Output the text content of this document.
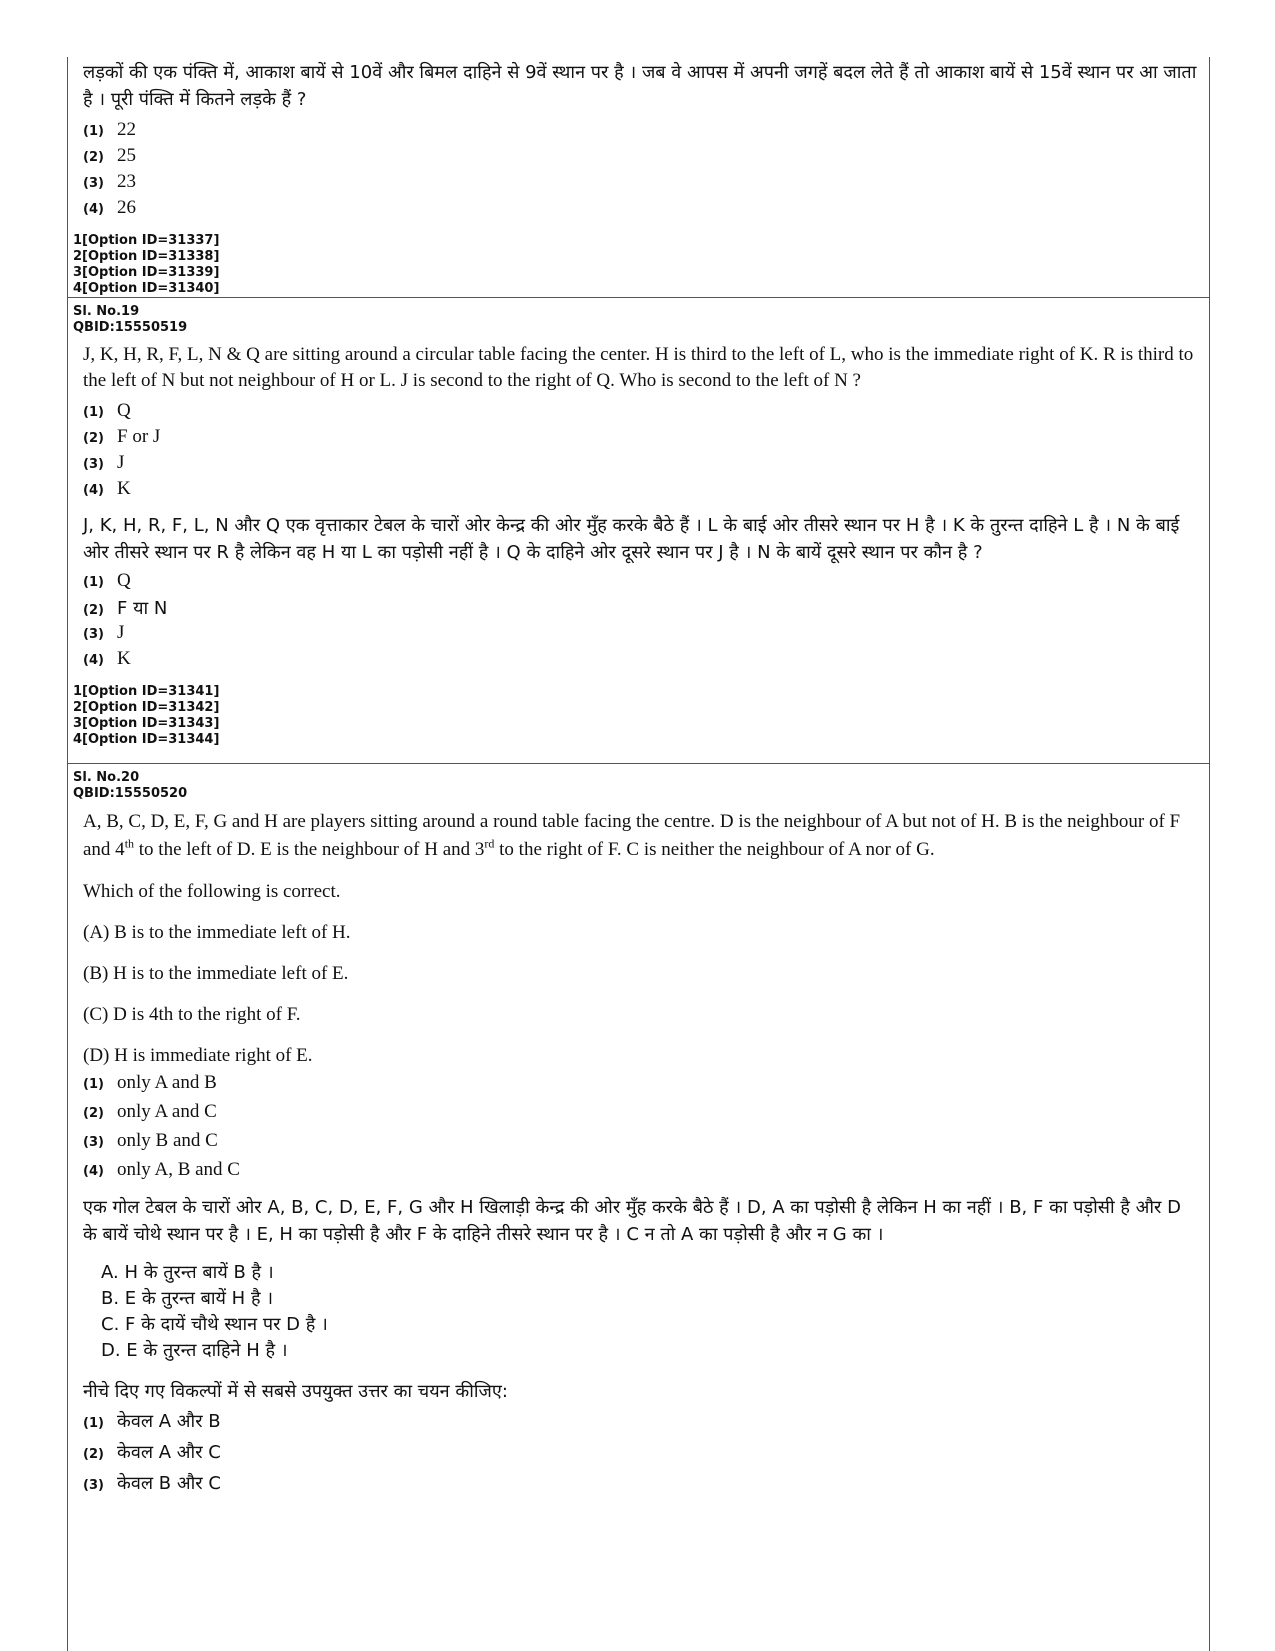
लड़कों की एक पंक्ति में, आकाश बायें से 10वें और बिमल दाहिने से 9वें स्थान पर है । जब वे आपस में अपनी जगहें बदल लेते हैं तो आकाश बायें से 15वें स्थान पर आ जाता है । पूरी पंक्ति में कितने लड़के हैं ?

(1) 22
(2) 25
(3) 23
(4) 26
1[Option ID=31337]
2[Option ID=31338]
3[Option ID=31339]
4[Option ID=31340]
Sl. No.19
QBID:15550519

J, K, H, R, F, L, N & Q are sitting around a circular table facing the center. H is third to the left of L, who is the immediate right of K. R is third to the left of N but not neighbour of H or L. J is second to the right of Q. Who is second to the left of N ?

(1) Q
(2) F or J
(3) J
(4) K

J, K, H, R, F, L, N और Q एक वृत्ताकार टेबल के चारों ओर केन्द्र की ओर मुँह करके बैठे हैं । L के बाई ओर तीसरे स्थान पर H है । K के तुरन्त दाहिने L है । N के बाई ओर तीसरे स्थान पर R है लेकिन वह H या L का पड़ोसी नहीं है । Q के दाहिने ओर दूसरे स्थान पर J है । N के बायें दूसरे स्थान पर कौन है ?

(1) Q
(2) F या N
(3) J
(4) K
1[Option ID=31341]
2[Option ID=31342]
3[Option ID=31343]
4[Option ID=31344]
Sl. No.20
QBID:15550520

A, B, C, D, E, F, G and H are players sitting around a round table facing the centre. D is the neighbour of A but not of H. B is the neighbour of F and 4th to the left of D. E is the neighbour of H and 3rd to the right of F. C is neither the neighbour of A nor of G.

Which of the following is correct.

(A) B is to the immediate left of H.

(B) H is to the immediate left of E.

(C) D is 4th to the right of F.

(D) H is immediate right of E.

(1) only A and B
(2) only A and C
(3) only B and C
(4) only A, B and C

एक गोल टेबल के चारों ओर A, B, C, D, E, F, G और H खिलाड़ी केन्द्र की ओर मुँह करके बैठे हैं । D, A का पड़ोसी है लेकिन H का नहीं । B, F का पड़ोसी है और D के बायें चोथे स्थान पर है । E, H का पड़ोसी है और F के दाहिने तीसरे स्थान पर है । C न तो A का पड़ोसी है और न G का ।

A. H के तुरन्त बायें B है ।
B. E के तुरन्त बायें H है ।
C. F के दायें चौथे स्थान पर D है ।
D. E के तुरन्त दाहिने H है ।

नीचे दिए गए विकल्पों में से सबसे उपयुक्त उत्तर का चयन कीजिए:

(1) केवल A और B
(2) केवल A और C
(3) केवल B और C
